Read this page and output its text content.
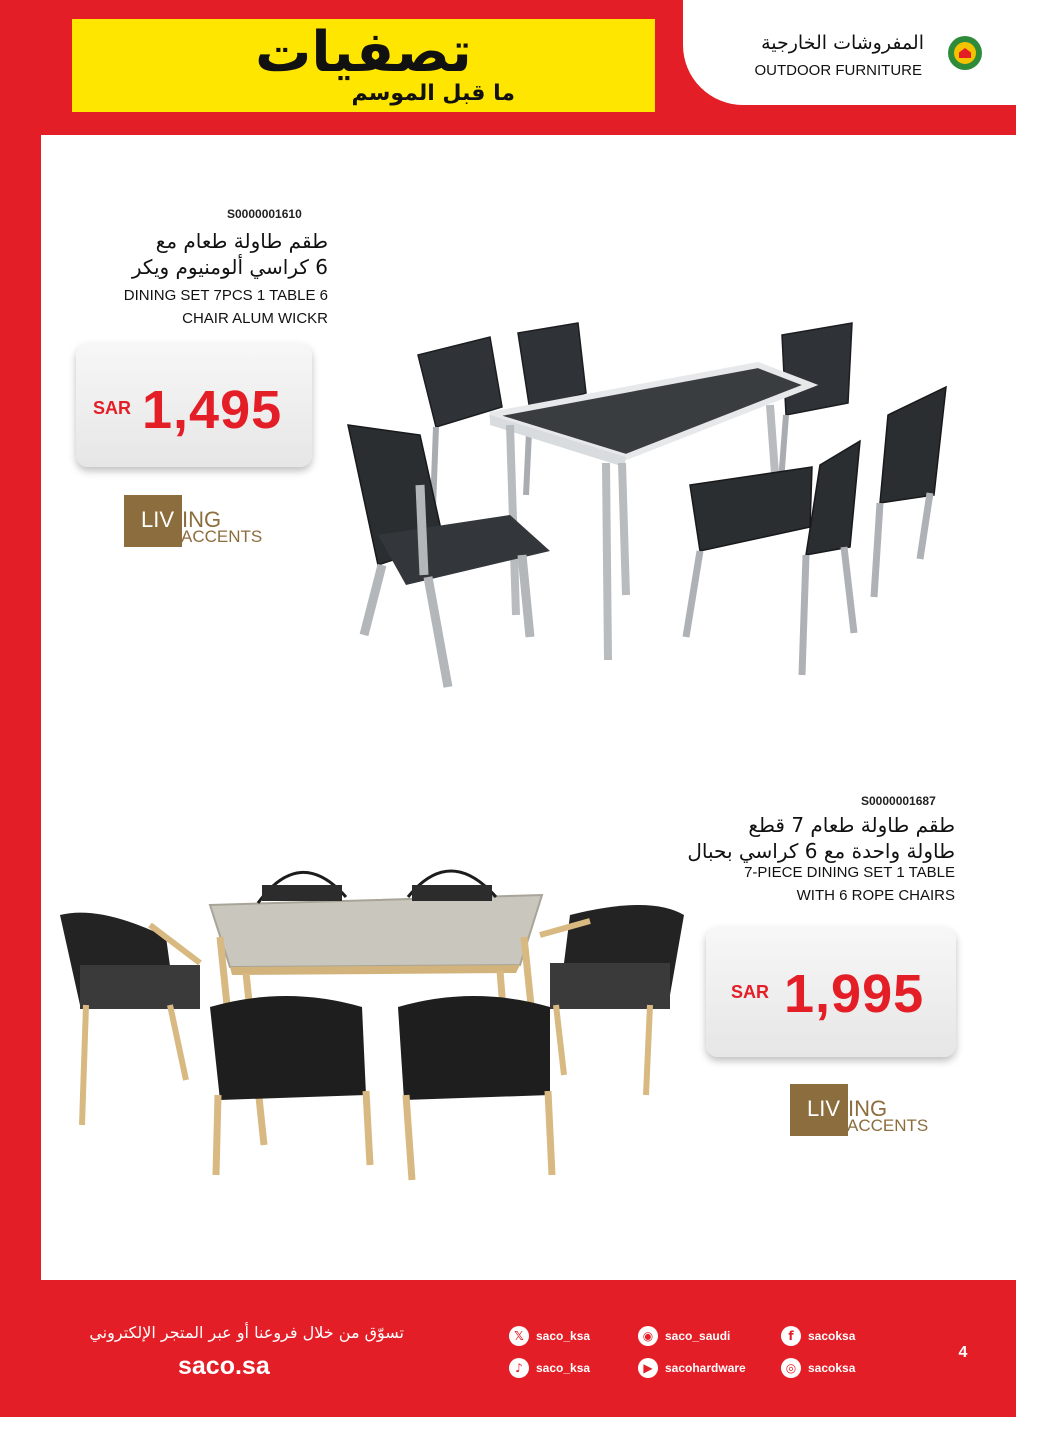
تصفيات
ما قبل الموسم
المفروشات الخارجية
OUTDOOR FURNITURE
S0000001610
طقم طاولة طعام مع
6 كراسي ألومنيوم ويكر
DINING SET 7PCS 1 TABLE 6
CHAIR ALUM WICKR
SAR 1,495
LIV ING
ACCENTS
S0000001687
طقم طاولة طعام 7 قطع
طاولة واحدة مع 6 كراسي بحبال
7-PIECE DINING SET 1 TABLE
WITH 6 ROPE CHAIRS
SAR 1,995
LIV ING
ACCENTS
تسوّق من خلال فروعنا أو عبر المتجر الإلكتروني
saco.sa
𝕏	saco_ksa	◉ saco_saudi	f	sacoksa
♪	saco_ksa	▶	sacohardware	◎ sacoksa
4
